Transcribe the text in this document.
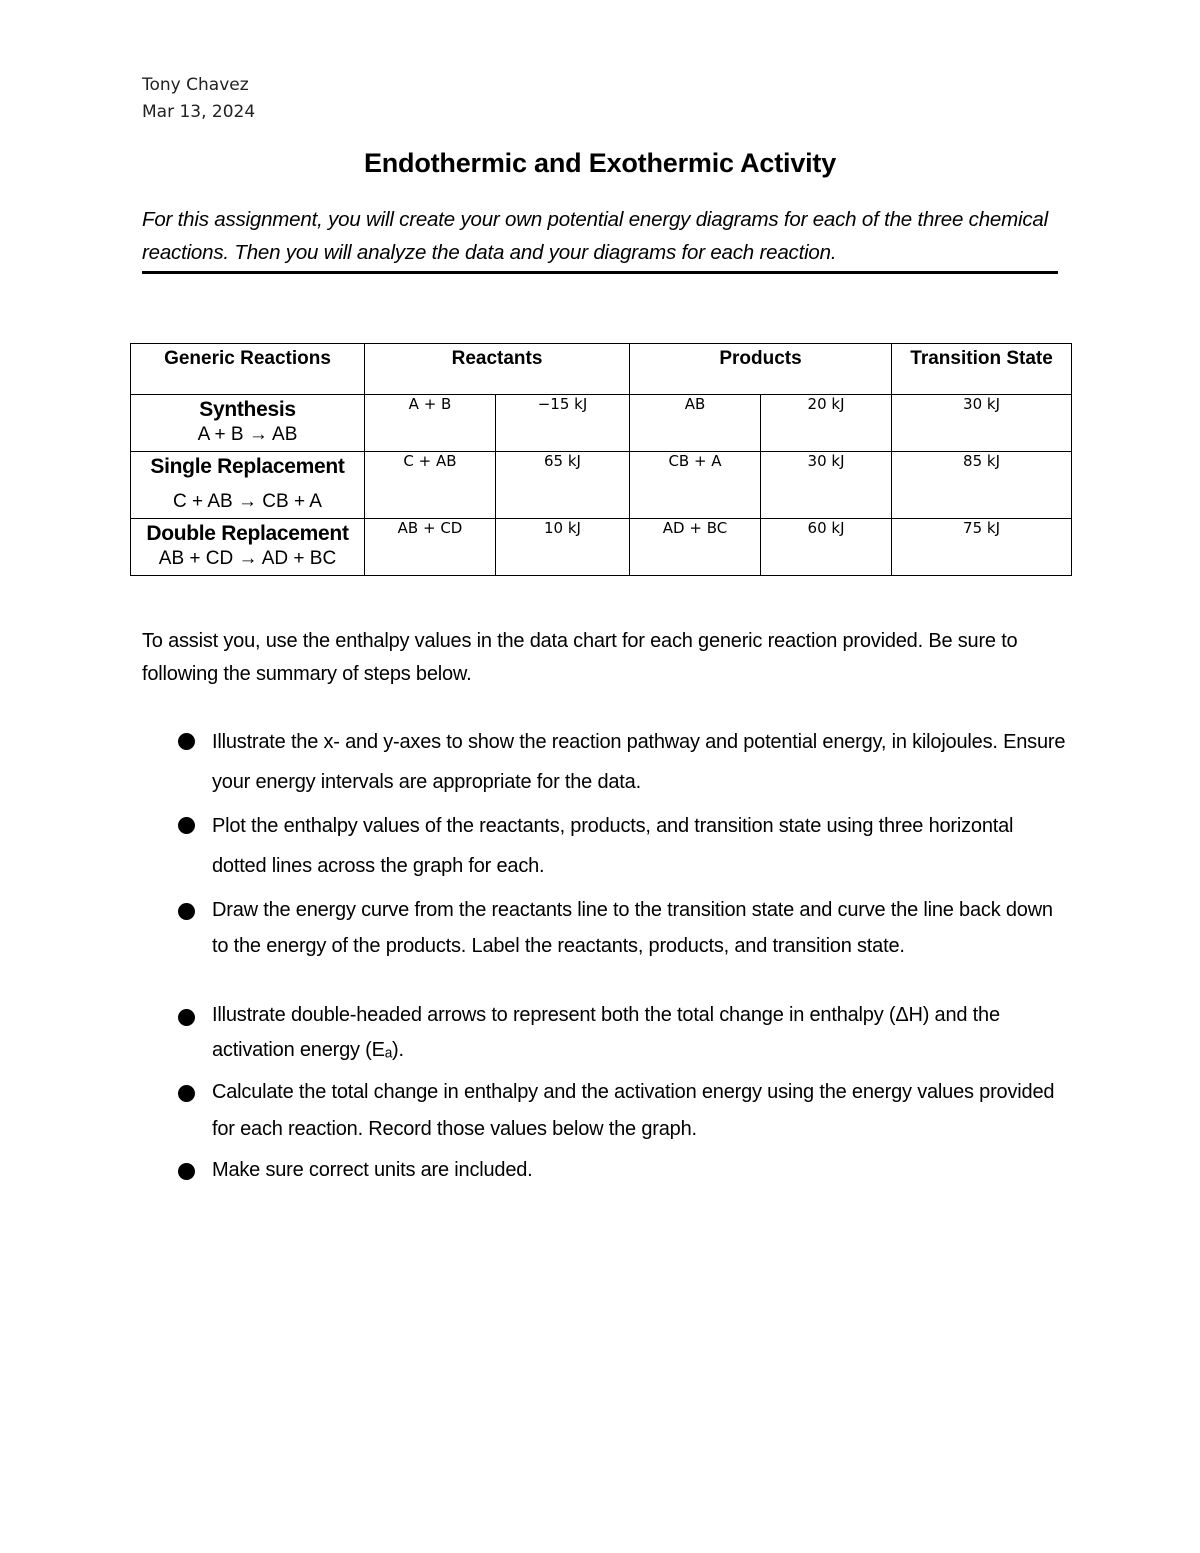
Tony Chavez
Mar 13, 2024
Endothermic and Exothermic Activity
For this assignment, you will create your own potential energy diagrams for each of the three chemical reactions. Then you will analyze the data and your diagrams for each reaction.
Generic Reactions	Reactants		Products		Transition State

Synthesis
A + B → AB	A + B	−15 kJ	AB	20 kJ	30 kJ

Single Replacement
C + AB → CB + A	C + AB	65 kJ	CB + A	30 kJ	85 kJ

Double Replacement
AB + CD → AD + BC	AB + CD	10 kJ	AD + BC	60 kJ	75 kJ
To assist you, use the enthalpy values in the data chart for each generic reaction provided. Be sure to following the summary of steps below.
Illustrate the x- and y-axes to show the reaction pathway and potential energy, in kilojoules. Ensure your energy intervals are appropriate for the data.
Plot the enthalpy values of the reactants, products, and transition state using three horizontal dotted lines across the graph for each.
Draw the energy curve from the reactants line to the transition state and curve the line back down to the energy of the products. Label the reactants, products, and transition state.
Illustrate double-headed arrows to represent both the total change in enthalpy (ΔH) and the activation energy (Eₐ).
Calculate the total change in enthalpy and the activation energy using the energy values provided for each reaction. Record those values below the graph.
Make sure correct units are included.
